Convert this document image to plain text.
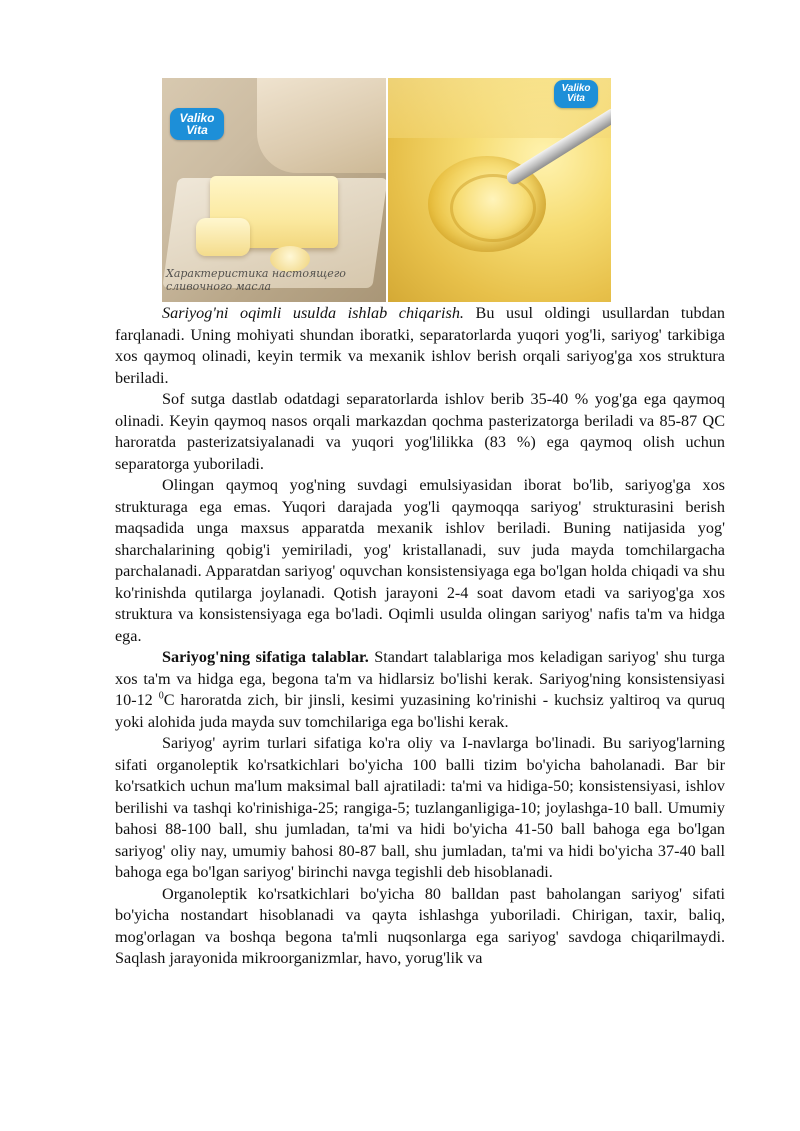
Valiko
Vita
Характеристика настоящего сливочного масла
Valiko
Vita

Sariyog'ni oqimli usulda ishlab chiqarish. Bu usul oldingi usullardan tubdan farqlanadi. Uning mohiyati shundan iboratki, separatorlarda yuqori yog'li, sariyog' tarkibiga xos qaymoq olinadi, keyin termik va mexanik ishlov berish orqali sariyog'ga xos struktura beriladi.

Sof sutga dastlab odatdagi separatorlarda ishlov berib 35-40 % yog'ga ega qaymoq olinadi. Keyin qaymoq nasos orqali markazdan qochma pasterizatorga beriladi va 85-87 QC haroratda pasterizatsiyalanadi va yuqori yog'lilikka (83 %) ega qaymoq olish uchun separatorga yuboriladi.

Olingan qaymoq yog'ning suvdagi emulsiyasidan iborat bo'lib, sariyog'ga xos strukturaga ega emas. Yuqori darajada yog'li qaymoqqa sariyog' strukturasini berish maqsadida unga maxsus apparatda mexanik ishlov beriladi. Buning natijasida yog' sharchalarining qobig'i yemiriladi, yog' kristallanadi, suv juda mayda tomchilargacha parchalanadi. Apparatdan sariyog' oquvchan konsistensiyaga ega bo'lgan holda chiqadi va shu ko'rinishda qutilarga joylanadi. Qotish jarayoni 2-4 soat davom etadi va sariyog'ga xos struktura va konsistensiyaga ega bo'ladi. Oqimli usulda olingan sariyog' nafis ta'm va hidga ega.

Sariyog'ning sifatiga talablar. Standart talablariga mos keladigan sariyog' shu turga xos ta'm va hidga ega, begona ta'm va hidlarsiz bo'lishi kerak. Sariyog'ning konsistensiyasi 10-12 $^0$C haroratda zich, bir jinsli, kesimi yuzasining ko'rinishi - kuchsiz yaltiroq va quruq yoki alohida juda mayda suv tomchilariga ega bo'lishi kerak.

Sariyog' ayrim turlari sifatiga ko'ra oliy va I-navlarga bo'linadi. Bu sariyog'larning sifati organoleptik ko'rsatkichlari bo'yicha 100 balli tizim bo'yicha baholanadi. Bar bir ko'rsatkich uchun ma'lum maksimal ball ajratiladi: ta'mi va hidiga-50; konsistensiyasi, ishlov berilishi va tashqi ko'rinishiga-25; rangiga-5; tuzlanganligiga-10; joylashga-10 ball. Umumiy bahosi 88-100 ball, shu jumladan, ta'mi va hidi bo'yicha 41-50 ball bahoga ega bo'lgan sariyog' oliy nay, umumiy bahosi 80-87 ball, shu jumladan, ta'mi va hidi bo'yicha 37-40 ball bahoga ega bo'lgan sariyog' birinchi navga tegishli deb hisoblanadi.

Organoleptik ko'rsatkichlari bo'yicha 80 balldan past baholangan sariyog' sifati bo'yicha nostandart hisoblanadi va qayta ishlashga yuboriladi. Chirigan, taxir, baliq, mog'orlagan va boshqa begona ta'mli nuqsonlarga ega sariyog' savdoga chiqarilmaydi. Saqlash jarayonida mikroorganizmlar, havo, yorug'lik va
